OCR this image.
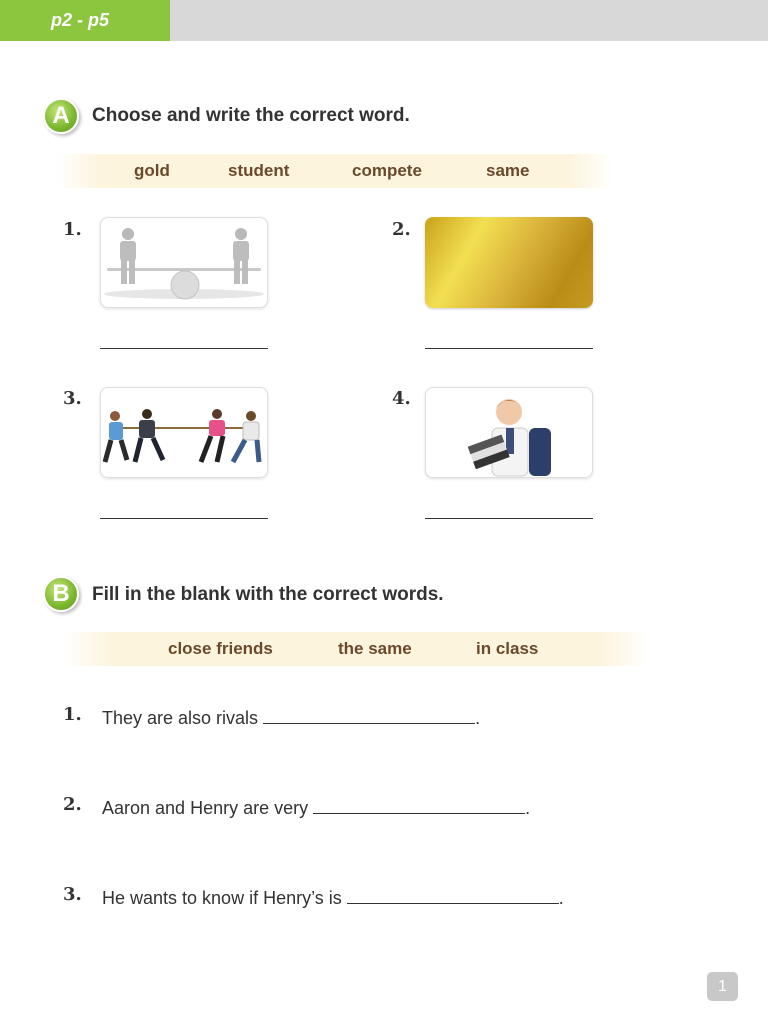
p2 - p5
A	Choose and write the correct word.
gold	student	compete	same
1.	2.
3.	4.
B	Fill in the blank with the correct words.
close friends	the same	in class
1. They are also rivals	.
2. Aaron and Henry are very	.
3. He wants to know if Henry’s is	.
1
